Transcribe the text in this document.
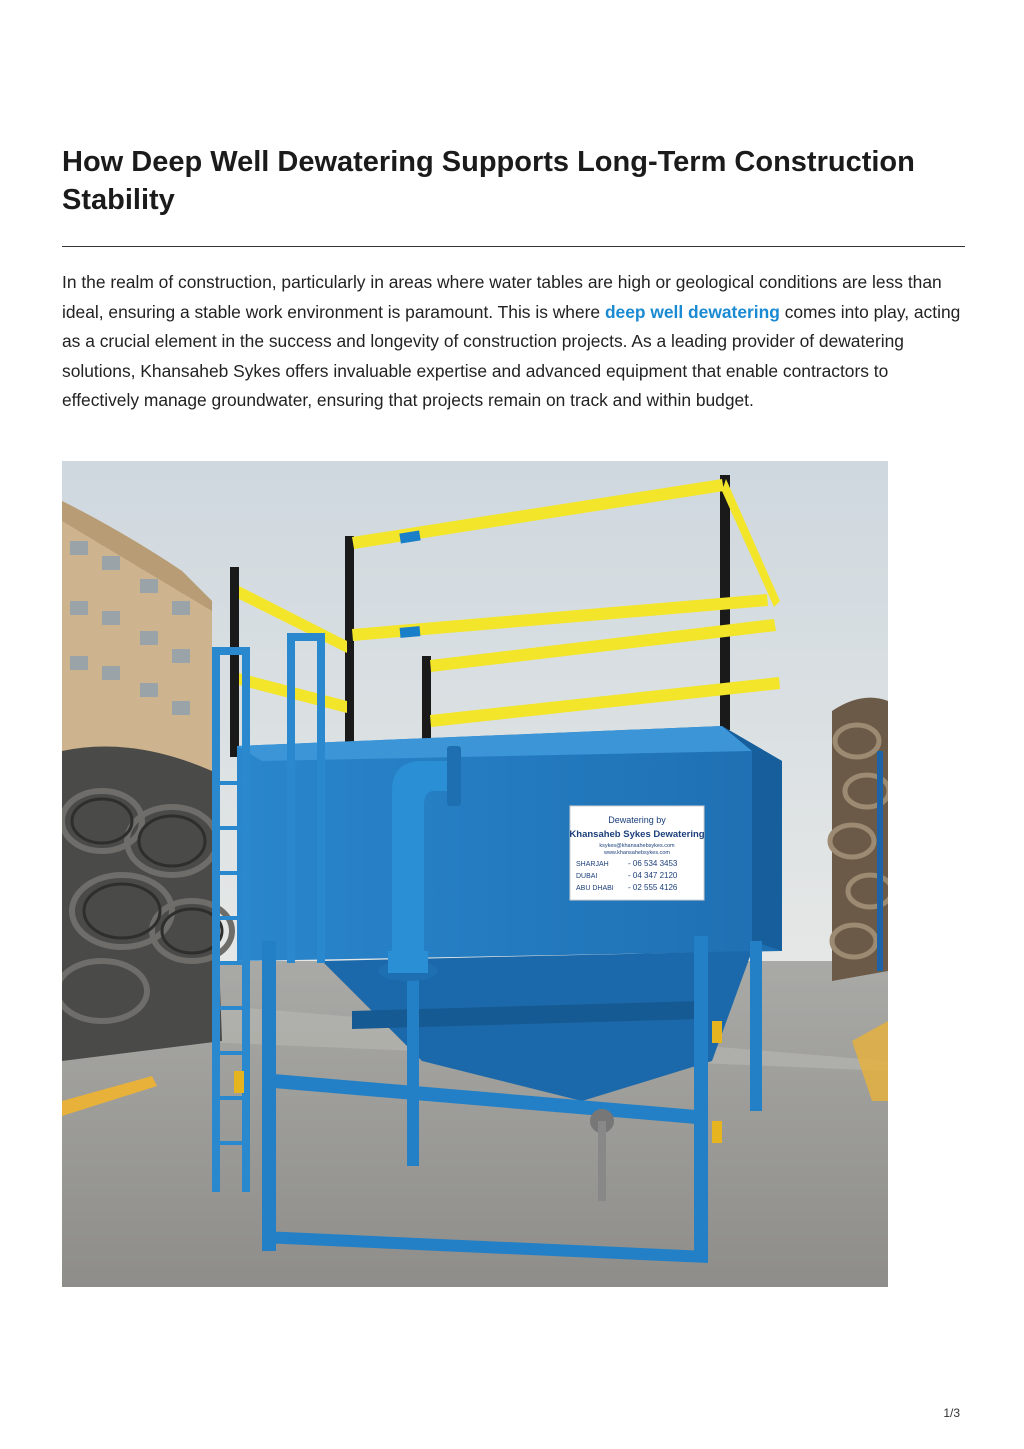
How Deep Well Dewatering Supports Long-Term Construction Stability

In the realm of construction, particularly in areas where water tables are high or geological conditions are less than ideal, ensuring a stable work environment is paramount. This is where deep well dewatering comes into play, acting as a crucial element in the success and longevity of construction projects. As a leading provider of dewatering solutions, Khansaheb Sykes offers invaluable expertise and advanced equipment that enable contractors to effectively manage groundwater, ensuring that projects remain on track and within budget.

Dewatering by
Khansaheb Sykes Dewatering
ksykes@khansahebsykes.com
www.khansahebsykes.com
SHARJAH - 06 534 3453
DUBAI	- 04 347 2120
ABU DHABI - 02 555 4126
1/3
